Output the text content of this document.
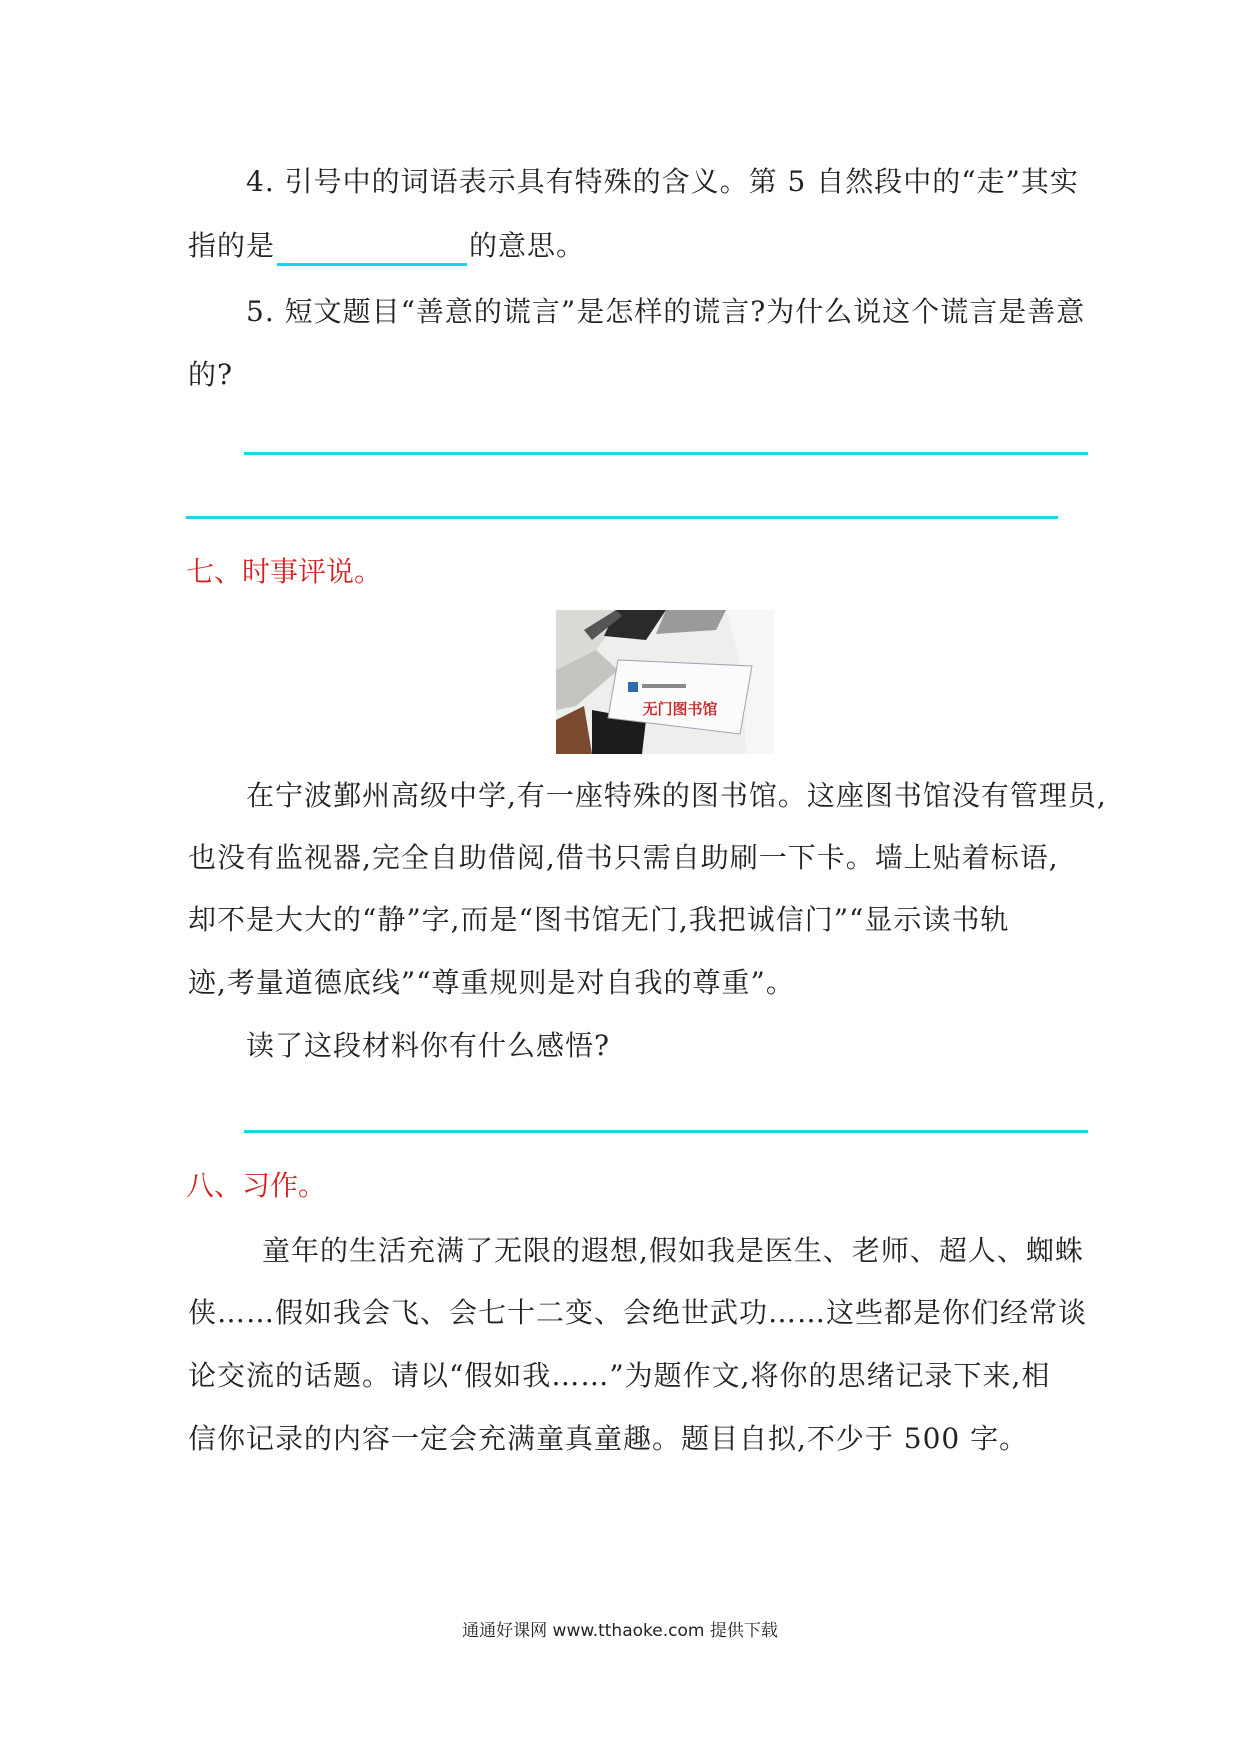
4. 引号中的词语表示具有特殊的含义。第 5 自然段中的“走”其实
指的是	的意思。
5. 短文题目“善意的谎言”是怎样的谎言?为什么说这个谎言是善意
的?
七、时事评说。
无门图书馆
在宁波鄞州高级中学,有一座特殊的图书馆。这座图书馆没有管理员,
也没有监视器,完全自助借阅,借书只需自助刷一下卡。墙上贴着标语,
却不是大大的“静”字,而是“图书馆无门,我把诚信门”“显示读书轨
迹,考量道德底线”“尊重规则是对自我的尊重”。
读了这段材料你有什么感悟?
八、习作。
童年的生活充满了无限的遐想,假如我是医生、老师、超人、蜘蛛
侠……假如我会飞、会七十二变、会绝世武功……这些都是你们经常谈
论交流的话题。请以“假如我……”为题作文,将你的思绪记录下来,相
信你记录的内容一定会充满童真童趣。题目自拟,不少于 500 字。
通通好课网 www.tthaoke.com 提供下载
